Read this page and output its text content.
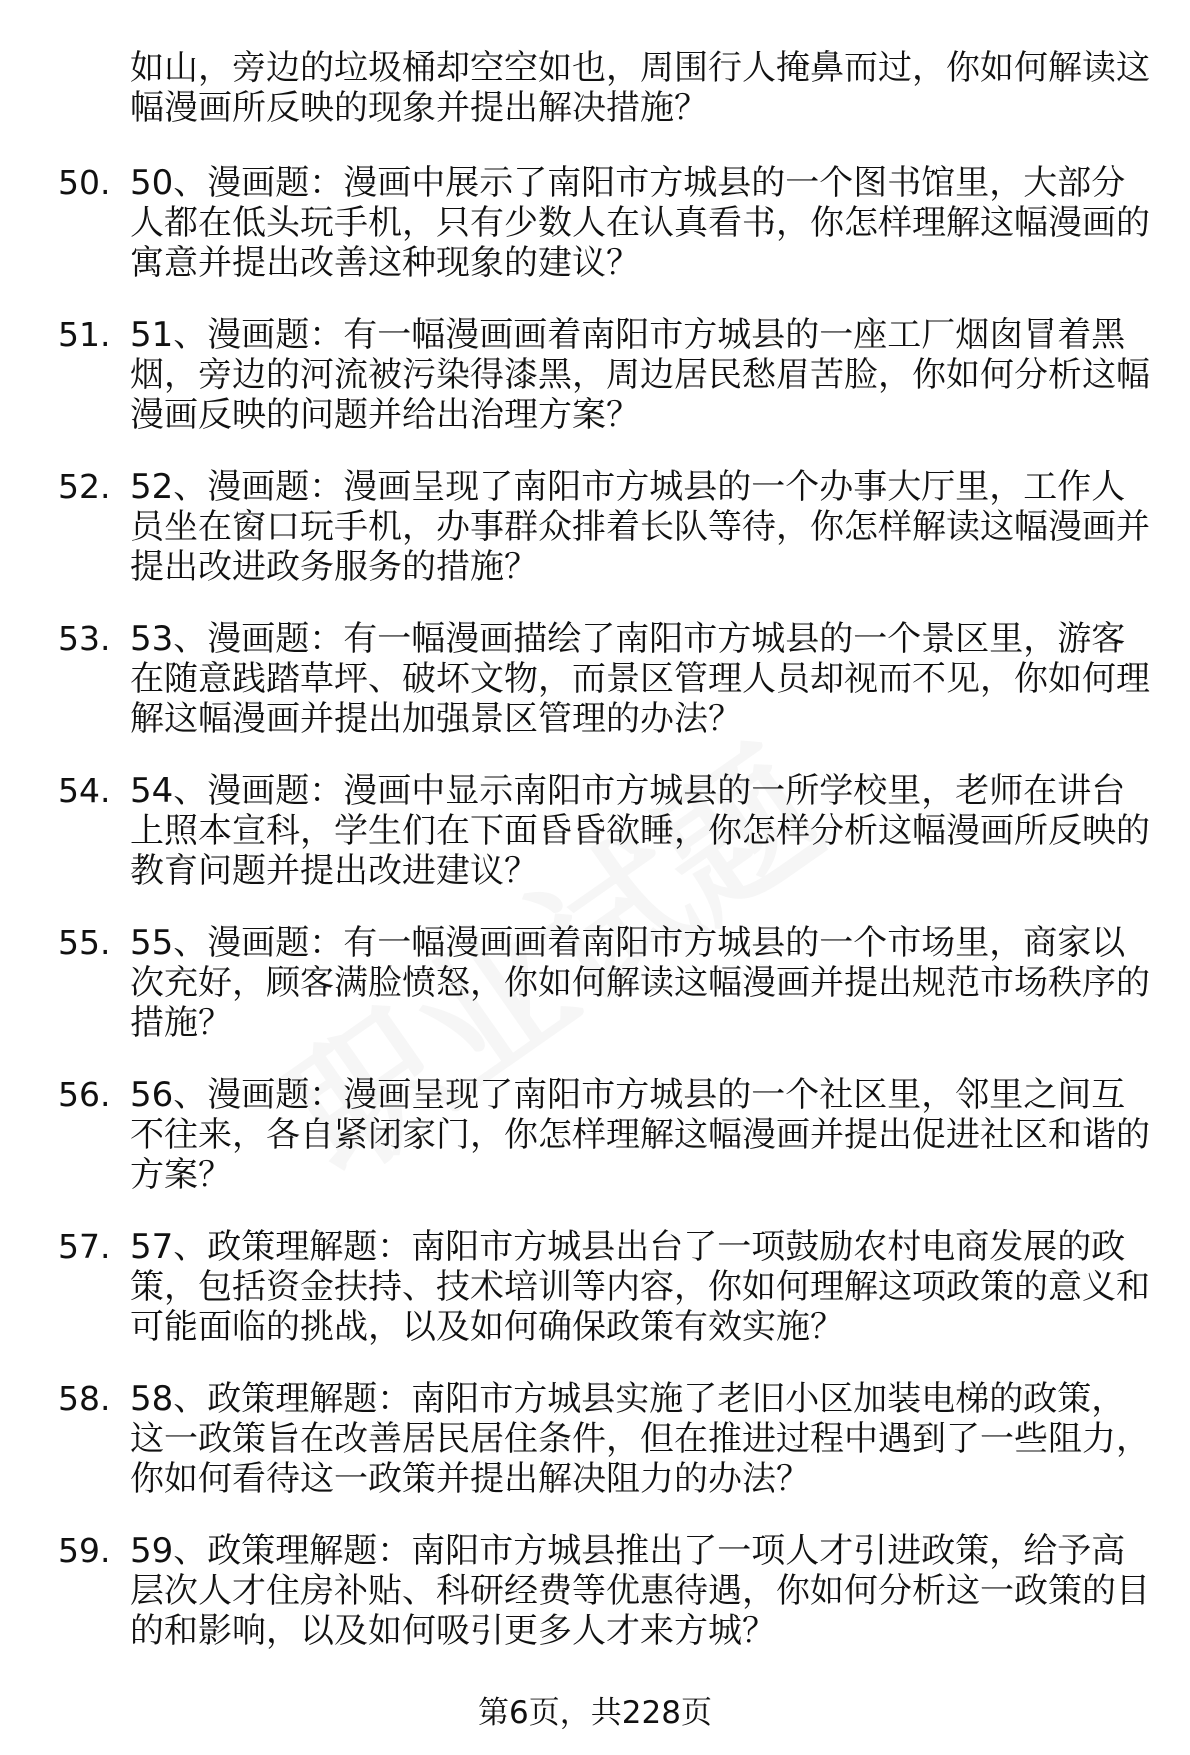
如山，旁边的垃圾桶却空空如也，周围行人掩鼻而过，你如何解读这幅漫画所反映的现象并提出解决措施？
50. 50、漫画题：漫画中展示了南阳市方城县的一个图书馆里，大部分人都在低头玩手机，只有少数人在认真看书，你怎样理解这幅漫画的寓意并提出改善这种现象的建议？
51. 51、漫画题：有一幅漫画画着南阳市方城县的一座工厂烟囱冒着黑烟，旁边的河流被污染得漆黑，周边居民愁眉苦脸，你如何分析这幅漫画反映的问题并给出治理方案？
52. 52、漫画题：漫画呈现了南阳市方城县的一个办事大厅里，工作人员坐在窗口玩手机，办事群众排着长队等待，你怎样解读这幅漫画并提出改进政务服务的措施？
53. 53、漫画题：有一幅漫画描绘了南阳市方城县的一个景区里，游客在随意践踏草坪、破坏文物，而景区管理人员却视而不见，你如何理解这幅漫画并提出加强景区管理的办法？
54. 54、漫画题：漫画中显示南阳市方城县的一所学校里，老师在讲台上照本宣科，学生们在下面昏昏欲睡，你怎样分析这幅漫画所反映的教育问题并提出改进建议？
55. 55、漫画题：有一幅漫画画着南阳市方城县的一个市场里，商家以次充好，顾客满脸愤怒，你如何解读这幅漫画并提出规范市场秩序的措施？
56. 56、漫画题：漫画呈现了南阳市方城县的一个社区里，邻里之间互不往来，各自紧闭家门，你怎样理解这幅漫画并提出促进社区和谐的方案？
57. 57、政策理解题：南阳市方城县出台了一项鼓励农村电商发展的政策，包括资金扶持、技术培训等内容，你如何理解这项政策的意义和可能面临的挑战，以及如何确保政策有效实施？
58. 58、政策理解题：南阳市方城县实施了老旧小区加装电梯的政策，这一政策旨在改善居民居住条件，但在推进过程中遇到了一些阻力，你如何看待这一政策并提出解决阻力的办法？
59. 59、政策理解题：南阳市方城县推出了一项人才引进政策，给予高层次人才住房补贴、科研经费等优惠待遇，你如何分析这一政策的目的和影响，以及如何吸引更多人才来方城？
第6页，共228页
